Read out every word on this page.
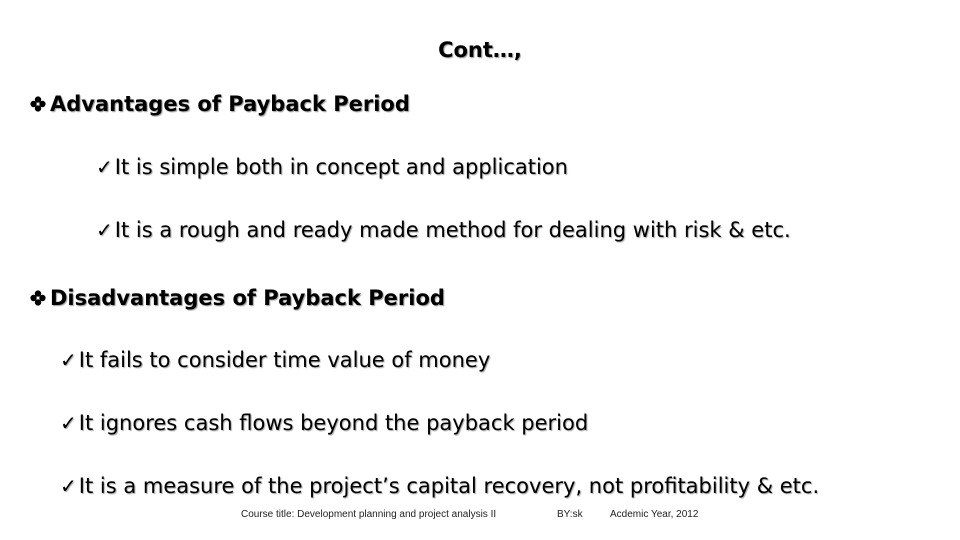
Cont…,
Advantages of Payback Period
✓It is simple both in concept and application
✓It is a rough and ready made method for dealing with risk & etc.
Disadvantages of Payback Period
✓It fails to consider time value of money
✓It ignores cash flows beyond the payback period
✓It is a measure of the project’s capital recovery, not profitability & etc.
Course title: Development planning and project analysis II	BY:sk	Acdemic Year, 2012
